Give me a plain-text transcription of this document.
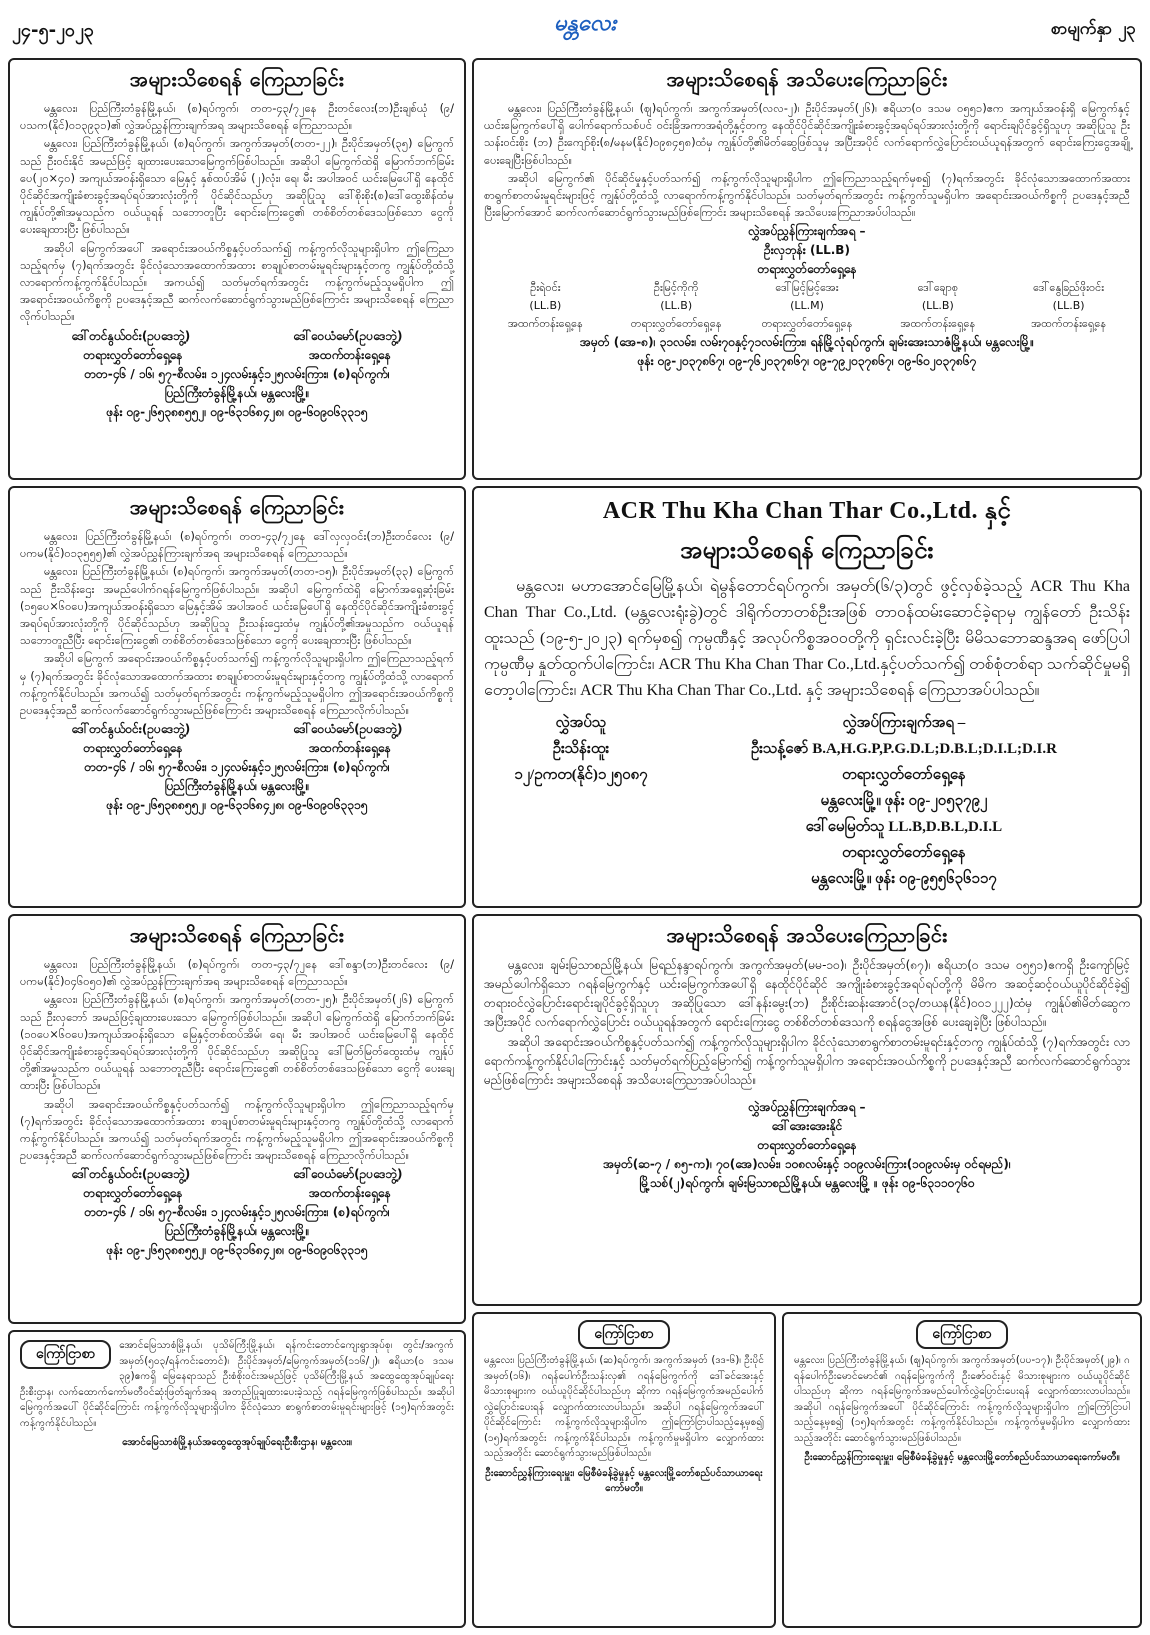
၂၄-၅-၂၀၂၃	မန္တလေး	စာမျက်နှာ ၂၃
အများသိစေရန် ကြေညာခြင်း

မန္တလေး၊ ပြည်ကြီးတံခွန်မြို့နယ်၊ (စ)ရပ်ကွက်၊ တတ-၄၃/၇၂နေ ဦးတင်လေး(ဘ)ဦးချစ်ယုံ (၉/ပသက(နိုင်)၀၁၃၉၃၁)၏ လွှဲအပ်ညွှန်ကြားချက်အရ အများသိစေရန် ကြေညာသည်။

မန္တလေး၊ ပြည်ကြီးတံခွန်မြို့နယ်၊ (စ)ရပ်ကွက်၊ အကွက်အမှတ်(တတ-၂၂)၊ ဦးပိုင်အမှတ်(၃၅) မြေကွက်သည် ဦးဝင်းနိုင် အမည်ဖြင့် ချထားပေးသောမြေကွက်ဖြစ်ပါသည်။ အဆိုပါ မြေကွက်ထဲရှိ မြောက်ဘက်ခြမ်း ပေ(၂၀×၄၀) အကျယ်အဝန်းရှိသော မြေနှင့် နှစ်ထပ်အိမ် (၂)လုံး၊ ရေ၊ မီး အပါအဝင် ယင်းမြေပေါ်ရှိ နေထိုင်ပိုင်ဆိုင်အကျိုးခံစားခွင့်အရပ်ရပ်အားလုံးတို့ကို ပိုင်ဆိုင်သည်ဟု အဆိုပြုသူ ဒေါ်စိုးစိုး(စ)ဒေါ်ထွေးစိန်ထံမှ ကျွန်ုပ်တို့၏အမှုသည်က ဝယ်ယူရန် သဘောတူပြီး ရောင်းကြေးငွေ၏ တစ်စိတ်တစ်ဒေသဖြစ်သော ငွေကို ပေးချေထားပြီး ဖြစ်ပါသည်။

အဆိုပါ မြေကွက်အပေါ် အရောင်းအဝယ်ကိစ္စနှင့်ပတ်သက်၍ ကန့်ကွက်လိုသူများရှိပါက ဤကြေညာသည့်ရက်မှ (၇)ရက်အတွင်း ခိုင်လုံသောအထောက်အထား စာချုပ်စာတမ်းမူရင်းများနှင့်တကွ ကျွန်ုပ်တို့ထံသို့ လာရောက်ကန့်ကွက်နိုင်ပါသည်။ အကယ်၍ သတ်မှတ်ရက်အတွင်း ကန့်ကွက်မည့်သူမရှိပါက ဤအရောင်းအဝယ်ကိစ္စကို ဥပဒေနှင့်အညီ ဆက်လက်ဆောင်ရွက်သွားမည်ဖြစ်ကြောင်း အများသိစေရန် ကြေညာလိုက်ပါသည်။

ဒေါ်တင်နွယ်ဝင်း(ဥပဒေဘွဲ့)	ဒေါ်ဝေယံမော်(ဥပဒေဘွဲ့)
တရားလွှတ်တော်ရှေ့နေ	အထက်တန်းရှေ့နေ
တတ-၄၆ / ၁၆၊ ၅၇-စီလမ်း၊ ၁၂၄လမ်းနှင့်၁၂၅လမ်းကြား၊ (စ)ရပ်ကွက်၊
ပြည်ကြီးတံခွန်မြို့နယ်၊ မန္တလေးမြို့။
ဖုန်း ၀၉-၂၆၅၃၈၈၅၅၂၊ ၀၉-၆၃၁၆၈၄၂၈၊ ၀၉-၆၀၉၀၆၃၃၁၅
အများသိစေရန် အသိပေးကြေညာခြင်း

မန္တလေး၊ ပြည်ကြီးတံခွန်မြို့နယ်၊ (ဈ)ရပ်ကွက်၊ အကွက်အမှတ်(လလ-၂)၊ ဦးပိုင်အမှတ်(၂၆)၊ ဧရိယာ(၀ ဒသမ ၀၅၅၁)ဧက အကျယ်အဝန်းရှိ မြေကွက်နှင့် ယင်းမြေကွက်ပေါ်ရှိ ပေါက်ရောက်သစ်ပင် ဝင်းခြံအကာအရံတို့နှင့်တကွ နေထိုင်ပိုင်ဆိုင်အကျိုးခံစားခွင့်အရပ်ရပ်အားလုံးတို့ကို ရောင်းချပိုင်ခွင့်ရှိသူဟု အဆိုပြုသူ ဦးသန်းဝင်းစိုး (ဘ) ဦးကျော်စိုး(၈/မနမ(နိုင်)၀၉၈၄၅၈)ထံမှ ကျွန်ုပ်တို့၏မိတ်ဆွေဖြစ်သူမှ အပြီးအပိုင် လက်ရောက်လွှဲပြောင်းဝယ်ယူရန်အတွက် ရောင်းကြေးငွေအချို့ ပေးချေပြီးဖြစ်ပါသည်။

အဆိုပါ မြေကွက်၏ ပိုင်ဆိုင်မှုနှင့်ပတ်သက်၍ ကန့်ကွက်လိုသူများရှိပါက ဤကြေညာသည့်ရက်မှစ၍ (၇)ရက်အတွင်း ခိုင်လုံသောအထောက်အထားစာရွက်စာတမ်းမူရင်းများဖြင့် ကျွန်ုပ်တို့ထံသို့ လာရောက်ကန့်ကွက်နိုင်ပါသည်။ သတ်မှတ်ရက်အတွင်း ကန့်ကွက်သူမရှိပါက အရောင်းအဝယ်ကိစ္စကို ဥပဒေနှင့်အညီ ပြီးမြောက်အောင် ဆက်လက်ဆောင်ရွက်သွားမည်ဖြစ်ကြောင်း အများသိစေရန် အသိပေးကြေညာအပ်ပါသည်။

လွှဲအပ်ညွှန်ကြားချက်အရ –
ဦးလှဘုန်း (LL.B)
တရားလွှတ်တော်ရှေ့နေ
ဦးရဲဝင်း	ဦးမြင့်ကိုကို	ဒေါ်မြင့်မြင့်အေး	ဒေါ်ချောစု	ဒေါ်နွေခြည်ဖိုးဝင်း
(LL.B)	(LL.B)	(LL.M)	(LL.B)	(LL.B)
အထက်တန်းရှေ့နေ	တရားလွှတ်တော်ရှေ့နေ	တရားလွှတ်တော်ရှေ့နေ	အထက်တန်းရှေ့နေ	အထက်တန်းရှေ့နေ
အမှတ် (အေ-၈)၊ ၃၁လမ်း၊ လမ်း၇၀နှင့်၇၁လမ်းကြား၊ ရန်မြို့လုံရပ်ကွက်၊ ချမ်းအေးသာဇံမြို့နယ်၊ မန္တလေးမြို့။
ဖုန်း ၀၉-၂၀၃၇၈၆၇၊ ၀၉-၇၆၂၀၃၇၈၆၇၊ ၀၉-၇၉၂၀၃၇၈၆၇၊ ၀၉-၆၀၂၀၃၇၈၆၇
အများသိစေရန် ကြေညာခြင်း

မန္တလေး၊ ပြည်ကြီးတံခွန်မြို့နယ်၊ (စ)ရပ်ကွက်၊ တတ-၄၃/၇၂နေ ဒေါ်လှလှဝင်း(ဘ)ဦးတင်လေး (၉/ပကမ(နိုင်)၀၁၃၅၅၅)၏ လွှဲအပ်ညွှန်ကြားချက်အရ အများသိစေရန် ကြေညာသည်။

မန္တလေး၊ ပြည်ကြီးတံခွန်မြို့နယ်၊ (စ)ရပ်ကွက်၊ အကွက်အမှတ်(တတ-၁၅)၊ ဦးပိုင်အမှတ်(၃၃) မြေကွက်သည် ဦးသိန်းဌေး အမည်ပေါက်ဂရန်မြေကွက်ဖြစ်ပါသည်။ အဆိုပါ မြေကွက်ထဲရှိ မြောက်အရှေ့ဆုံးခြမ်း (၁၅ပေ×၆၀ပေ)အကျယ်အဝန်းရှိသော မြေနှင့်အိမ် အပါအဝင် ယင်းမြေပေါ်ရှိ နေထိုင်ပိုင်ဆိုင်အကျိုးခံစားခွင့်အရပ်ရပ်အားလုံးတို့ကို ပိုင်ဆိုင်သည်ဟု အဆိုပြုသူ ဦးသန်းဌေးထံမှ ကျွန်ုပ်တို့၏အမှုသည်က ဝယ်ယူရန် သဘောတူညီပြီး ရောင်းကြေးငွေ၏ တစ်စိတ်တစ်ဒေသဖြစ်သော ငွေကို ပေးချေထားပြီး ဖြစ်ပါသည်။

အဆိုပါ မြေကွက် အရောင်းအဝယ်ကိစ္စနှင့်ပတ်သက်၍ ကန့်ကွက်လိုသူများရှိပါက ဤကြေညာသည့်ရက်မှ (၇)ရက်အတွင်း ခိုင်လုံသောအထောက်အထား စာချုပ်စာတမ်းမူရင်းများနှင့်တကွ ကျွန်ုပ်တို့ထံသို့ လာရောက်ကန့်ကွက်နိုင်ပါသည်။ အကယ်၍ သတ်မှတ်ရက်အတွင်း ကန့်ကွက်မည့်သူမရှိပါက ဤအရောင်းအဝယ်ကိစ္စကို ဥပဒေနှင့်အညီ ဆက်လက်ဆောင်ရွက်သွားမည်ဖြစ်ကြောင်း အများသိစေရန် ကြေညာလိုက်ပါသည်။

ဒေါ်တင်နွယ်ဝင်း(ဥပဒေဘွဲ့)	ဒေါ်ဝေယံမော်(ဥပဒေဘွဲ့)
တရားလွှတ်တော်ရှေ့နေ	အထက်တန်းရှေ့နေ
တတ-၄၆ / ၁၆၊ ၅၇-စီလမ်း၊ ၁၂၄လမ်းနှင့်၁၂၅လမ်းကြား၊ (စ)ရပ်ကွက်၊
ပြည်ကြီးတံခွန်မြို့နယ်၊ မန္တလေးမြို့။
ဖုန်း ၀၉-၂၆၅၃၈၈၅၅၂၊ ၀၉-၆၃၁၆၈၄၂၈၊ ၀၉-၆၀၉၀၆၃၃၁၅
ACR Thu Kha Chan Thar Co.,Ltd. နှင့်
အများသိစေရန် ကြေညာခြင်း

မန္တလေး၊ မဟာအောင်မြေမြို့နယ်၊ ရဲမွန်တောင်ရပ်ကွက်၊ အမှတ်(၆/၃)တွင် ဖွင့်လှစ်ခဲ့သည့် ACR Thu Kha Chan Thar Co.,Ltd. (မန္တလေးရုံးခွဲ)တွင် ဒါရိုက်တာတစ်ဦးအဖြစ် တာဝန်ထမ်းဆောင်ခဲ့ရာမှ ကျွန်တော် ဦးသိန်းထူးသည် (၁၉-၅-၂၀၂၃) ရက်မှစ၍ ကုမ္ပဏီနှင့် အလုပ်ကိစ္စအဝဝတို့ကို ရှင်းလင်းခဲ့ပြီး မိမိသဘောဆန္ဒအရ ဖော်ပြပါကုမ္ပဏီမှ နှုတ်ထွက်ပါကြောင်း၊ ACR Thu Kha Chan Thar Co.,Ltd.နှင့်ပတ်သက်၍ တစ်စုံတစ်ရာ သက်ဆိုင်မှုမရှိတော့ပါကြောင်း၊ ACR Thu Kha Chan Thar Co.,Ltd. နှင့် အများသိစေရန် ကြေညာအပ်ပါသည်။

လွှဲအပ်သူ
ဦးသိန်းထူး
၁၂/ဥကတ(နိုင်)၁၂၅၀၈၇
လွှဲအပ်ကြားချက်အရ –
ဦးသန့်ဇော် B.A,H.G.P,P.G.D.L;D.B.L;D.I.L;D.I.R
တရားလွှတ်တော်ရှေ့နေ
မန္တလေးမြို့။ ဖုန်း ၀၉-၂၀၅၃၇၉၂
ဒေါ်မေမြတ်သူ LL.B,D.B.L,D.I.L
တရားလွှတ်တော်ရှေ့နေ
မန္တလေးမြို့။ ဖုန်း ၀၉-၉၅၅၆၃၆၁၁၇
အများသိစေရန် ကြေညာခြင်း

မန္တလေး၊ ပြည်ကြီးတံခွန်မြို့နယ်၊ (စ)ရပ်ကွက်၊ တတ-၄၃/၇၂နေ ဒေါ်စန္ဒာ(ဘ)ဦးတင်လေး (၉/ပကမ(နိုင်)၀၄၆၀၅၀)၏ လွှဲအပ်ညွှန်ကြားချက်အရ အများသိစေရန် ကြေညာသည်။

မန္တလေး၊ ပြည်ကြီးတံခွန်မြို့နယ်၊ (စ)ရပ်ကွက်၊ အကွက်အမှတ်(တတ-၂၅)၊ ဦးပိုင်အမှတ်(၂၆) မြေကွက်သည် ဦးလှဘော် အမည်ဖြင့်ချထားပေးသော မြေကွက်ဖြစ်ပါသည်။ အဆိုပါ မြေကွက်ထဲရှိ မြောက်ဘက်ခြမ်း (၁၀ပေ×၆၀ပေ)အကျယ်အဝန်းရှိသော မြေနှင့်တစ်ထပ်အိမ်၊ ရေ၊ မီး အပါအဝင် ယင်းမြေပေါ်ရှိ နေထိုင်ပိုင်ဆိုင်အကျိုးခံစားခွင့်အရပ်ရပ်အားလုံးတို့ကို ပိုင်ဆိုင်သည်ဟု အဆိုပြုသူ ဒေါ်မြတ်မြတ်ထွေးထံမှ ကျွန်ုပ်တို့၏အမှုသည်က ဝယ်ယူရန် သဘောတူညီပြီး ရောင်းကြေးငွေ၏ တစ်စိတ်တစ်ဒေသဖြစ်သော ငွေကို ပေးချေထားပြီး ဖြစ်ပါသည်။

အဆိုပါ အရောင်းအဝယ်ကိစ္စနှင့်ပတ်သက်၍ ကန့်ကွက်လိုသူများရှိပါက ဤကြေညာသည့်ရက်မှ (၇)ရက်အတွင်း ခိုင်လုံသောအထောက်အထား စာချုပ်စာတမ်းမူရင်းများနှင့်တကွ ကျွန်ုပ်တို့ထံသို့ လာရောက်ကန့်ကွက်နိုင်ပါသည်။ အကယ်၍ သတ်မှတ်ရက်အတွင်း ကန့်ကွက်မည့်သူမရှိပါက ဤအရောင်းအဝယ်ကိစ္စကို ဥပဒေနှင့်အညီ ဆက်လက်ဆောင်ရွက်သွားမည်ဖြစ်ကြောင်း အများသိစေရန် ကြေညာလိုက်ပါသည်။

ဒေါ်တင်နွယ်ဝင်း(ဥပဒေဘွဲ့)	ဒေါ်ဝေယံမော်(ဥပဒေဘွဲ့)
တရားလွှတ်တော်ရှေ့နေ	အထက်တန်းရှေ့နေ
တတ-၄၆ / ၁၆၊ ၅၇-စီလမ်း၊ ၁၂၄လမ်းနှင့်၁၂၅လမ်းကြား၊ (စ)ရပ်ကွက်၊
ပြည်ကြီးတံခွန်မြို့နယ်၊ မန္တလေးမြို့။
ဖုန်း ၀၉-၂၆၅၃၈၈၅၅၂၊ ၀၉-၆၃၁၆၈၄၂၈၊ ၀၉-၆၀၉၀၆၃၃၁၅
အများသိစေရန် အသိပေးကြေညာခြင်း

မန္တလေး၊ ချမ်းမြသာစည်မြို့နယ်၊ မြရည်နန္ဒာရပ်ကွက်၊ အကွက်အမှတ်(မမ-၁၀)၊ ဦးပိုင်အမှတ်(၈၇)၊ ဧရိယာ(၀ ဒသမ ၀၅၅၁)ဧကရှိ ဦးကျော်မြင့် အမည်ပေါက်ရှိသော ဂရန်မြေကွက်နှင့် ယင်းမြေကွက်အပေါ်ရှိ နေထိုင်ပိုင်ဆိုင် အကျိုးခံစားခွင့်အရပ်ရပ်တို့ကို မိမိက အဆင့်ဆင့်ဝယ်ယူပိုင်ဆိုင်ခဲ့၍ တရားဝင်လွှဲပြောင်းရောင်းချပိုင်ခွင့်ရှိသူဟု အဆိုပြုသော ဒေါ်နန်းမွေး(ဘ) ဦးစိုင်းဆန်းအောင်(၁၃/တယန(နိုင်)၀၀၁၂၂၂)ထံမှ ကျွန်ုပ်၏မိတ်ဆွေက အပြီးအပိုင် လက်ရောက်လွှဲပြောင်း ဝယ်ယူရန်အတွက် ရောင်းကြေးငွေ တစ်စိတ်တစ်ဒေသကို စရန်ငွေအဖြစ် ပေးချေခဲ့ပြီး ဖြစ်ပါသည်။

အဆိုပါ အရောင်းအဝယ်ကိစ္စနှင့်ပတ်သက်၍ ကန့်ကွက်လိုသူများရှိပါက ခိုင်လုံသောစာရွက်စာတမ်းမူရင်းနှင့်တကွ ကျွန်ုပ်ထံသို့ (၇)ရက်အတွင်း လာရောက်ကန့်ကွက်နိုင်ပါကြောင်းနှင့် သတ်မှတ်ရက်ပြည့်မြောက်၍ ကန့်ကွက်သူမရှိပါက အရောင်းအဝယ်ကိစ္စကို ဥပဒေနှင့်အညီ ဆက်လက်ဆောင်ရွက်သွားမည်ဖြစ်ကြောင်း အများသိစေရန် အသိပေးကြေညာအပ်ပါသည်။

လွှဲအပ်ညွှန်ကြားချက်အရ –
ဒေါ်အေးအေးနိုင်
တရားလွှတ်တော်ရှေ့နေ
အမှတ်(ဆ-၇ / ၈၅-က)၊ ၇၀(အေ)လမ်း၊ ၁၀၈လမ်းနှင့် ၁၀၉လမ်းကြား(၁၀၉လမ်းမှ ဝင်ရမည်)၊
မြို့သစ်(၂)ရပ်ကွက်၊ ချမ်းမြသာစည်မြို့နယ်၊ မန္တလေးမြို့ ။ ဖုန်း ၀၉-၆၃၁၁၀၇၆၀
ကြော်ငြာစာ
အောင်မြေသာစံမြို့နယ်၊ ပုသိမ်ကြီးမြို့နယ်၊ ရန်ကင်းတောင်ကျေးရွာအုပ်စု၊ တွင်း/အကွက်အမှတ်(၅၀၃/ရန်ကင်းတောင်)၊ ဦးပိုင်အမှတ်/မြေကွက်အမှတ်(၁၁၆/၂)၊ ဧရိယာ(၀ ဒသမ ၃၉)ဧကရှိ မြေနေရာသည် ဦးစံစိုးဝင်းအမည်ဖြင့် ပုသိမ်ကြီးမြို့နယ် အထွေထွေအုပ်ချုပ်ရေးဦးစီးဌာန၊ လက်ထောက်ကော်မတီဝင်ဆုံးဖြတ်ချက်အရ အတည်ပြုချထားပေးခဲ့သည့် ဂရန်မြေကွက်ဖြစ်ပါသည်။ အဆိုပါမြေကွက်အပေါ် ပိုင်ဆိုင်ကြောင်း ကန့်ကွက်လိုသူများရှိပါက ခိုင်လုံသော စာရွက်စာတမ်းမူရင်းများဖြင့် (၁၅)ရက်အတွင်း ကန့်ကွက်နိုင်ပါသည်။
အောင်မြေသာစံမြို့နယ်အထွေထွေအုပ်ချုပ်ရေးဦးစီးဌာန၊ မန္တလေး။
ကြော်ငြာစာ
မန္တလေး၊ ပြည်ကြီးတံခွန်မြို့နယ်၊ (ဆ)ရပ်ကွက်၊ အကွက်အမှတ် (ဒဒ-၆)၊ ဦးပိုင်အမှတ်(၁၆)၊ ဂရန်ပေါက်ဦးသန်းလှ၏ ဂရန်မြေကွက်ကို ဒေါ်ခင်အေးနှင့် မိသားစုများက ဝယ်ယူပိုင်ဆိုင်ပါသည်ဟု ဆိုကာ ဂရန်မြေကွက်အမည်ပေါက်လွှဲပြောင်းပေးရန် လျှောက်ထားလာပါသည်။ အဆိုပါ ဂရန်မြေကွက်အပေါ် ပိုင်ဆိုင်ကြောင်း ကန့်ကွက်လိုသူများရှိပါက ဤကြော်ငြာပါသည့်နေ့မှစ၍ (၁၅)ရက်အတွင်း ကန့်ကွက်နိုင်ပါသည်။ ကန့်ကွက်မှုမရှိပါက လျှောက်ထားသည့်အတိုင်း ဆောင်ရွက်သွားမည်ဖြစ်ပါသည်။
ဦးဆောင်ညွှန်ကြားရေးမှူး၊ မြေစီမံခန့်ခွဲမှုနှင့် မန္တလေးမြို့တော်စည်ပင်သာယာရေးကော်မတီ။
ကြော်ငြာစာ
မန္တလေး၊ ပြည်ကြီးတံခွန်မြို့နယ်၊ (ဈ)ရပ်ကွက်၊ အကွက်အမှတ်(ပပ-၁၇)၊ ဦးပိုင်အမှတ်(၂၉)၊ ဂရန်ပေါက်ဦးမောင်မောင်၏ ဂရန်မြေကွက်ကို ဦးဇော်ဝင်းနှင့် မိသားစုများက ဝယ်ယူပိုင်ဆိုင်ပါသည်ဟု ဆိုကာ ဂရန်မြေကွက်အမည်ပေါက်လွှဲပြောင်းပေးရန် လျှောက်ထားလာပါသည်။ အဆိုပါ ဂရန်မြေကွက်အပေါ် ပိုင်ဆိုင်ကြောင်း ကန့်ကွက်လိုသူများရှိပါက ဤကြော်ငြာပါသည့်နေ့မှစ၍ (၁၅)ရက်အတွင်း ကန့်ကွက်နိုင်ပါသည်။ ကန့်ကွက်မှုမရှိပါက လျှောက်ထားသည့်အတိုင်း ဆောင်ရွက်သွားမည်ဖြစ်ပါသည်။
ဦးဆောင်ညွှန်ကြားရေးမှူး၊ မြေစီမံခန့်ခွဲမှုနှင့် မန္တလေးမြို့တော်စည်ပင်သာယာရေးကော်မတီ။
